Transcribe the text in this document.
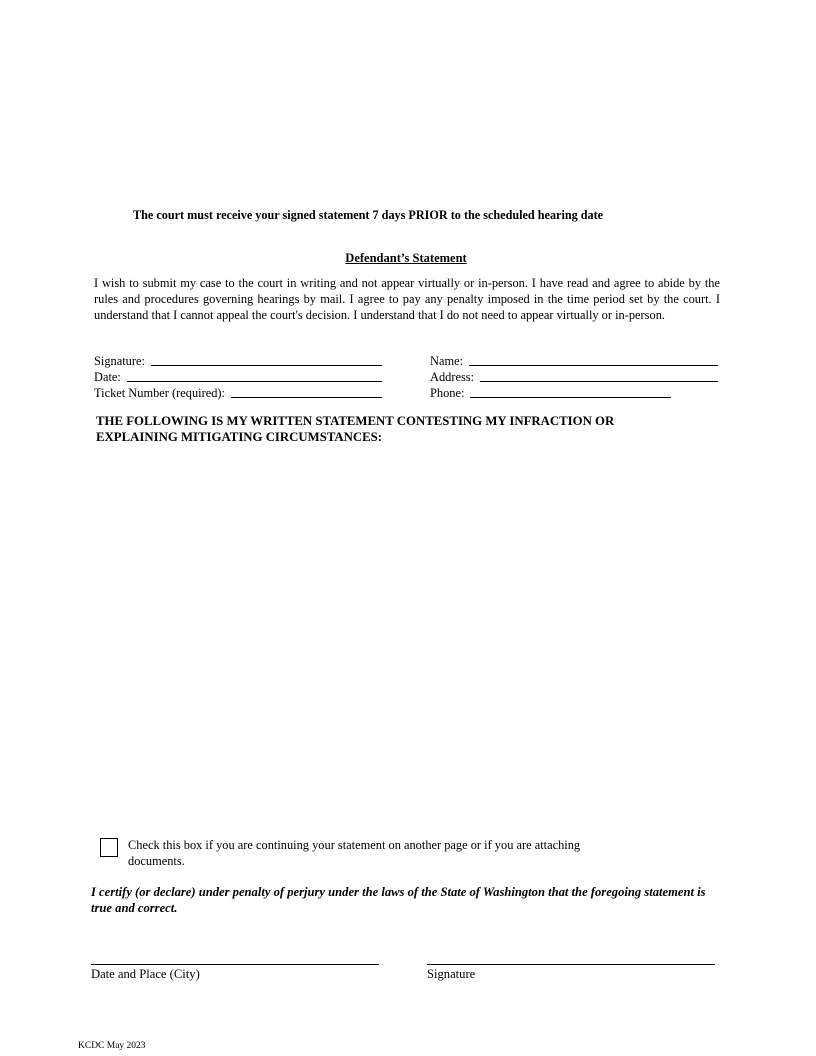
The court must receive your signed statement 7 days PRIOR to the scheduled hearing date
Defendant’s Statement
I wish to submit my case to the court in writing and not appear virtually or in-person. I have read and agree to abide by the rules and procedures governing hearings by mail. I agree to pay any penalty imposed in the time period set by the court. I understand that I cannot appeal the court's decision. I understand that I do not need to appear virtually or in-person.
Signature:
Date:
Ticket Number (required):
Name:
Address:
Phone:
THE FOLLOWING IS MY WRITTEN STATEMENT CONTESTING MY INFRACTION OR EXPLAINING MITIGATING CIRCUMSTANCES:
Check this box if you are continuing your statement on another page or if you are attaching documents.
I certify (or declare) under penalty of perjury under the laws of the State of Washington that the foregoing statement is true and correct.
Date and Place (City)	Signature
KCDC May 2023
